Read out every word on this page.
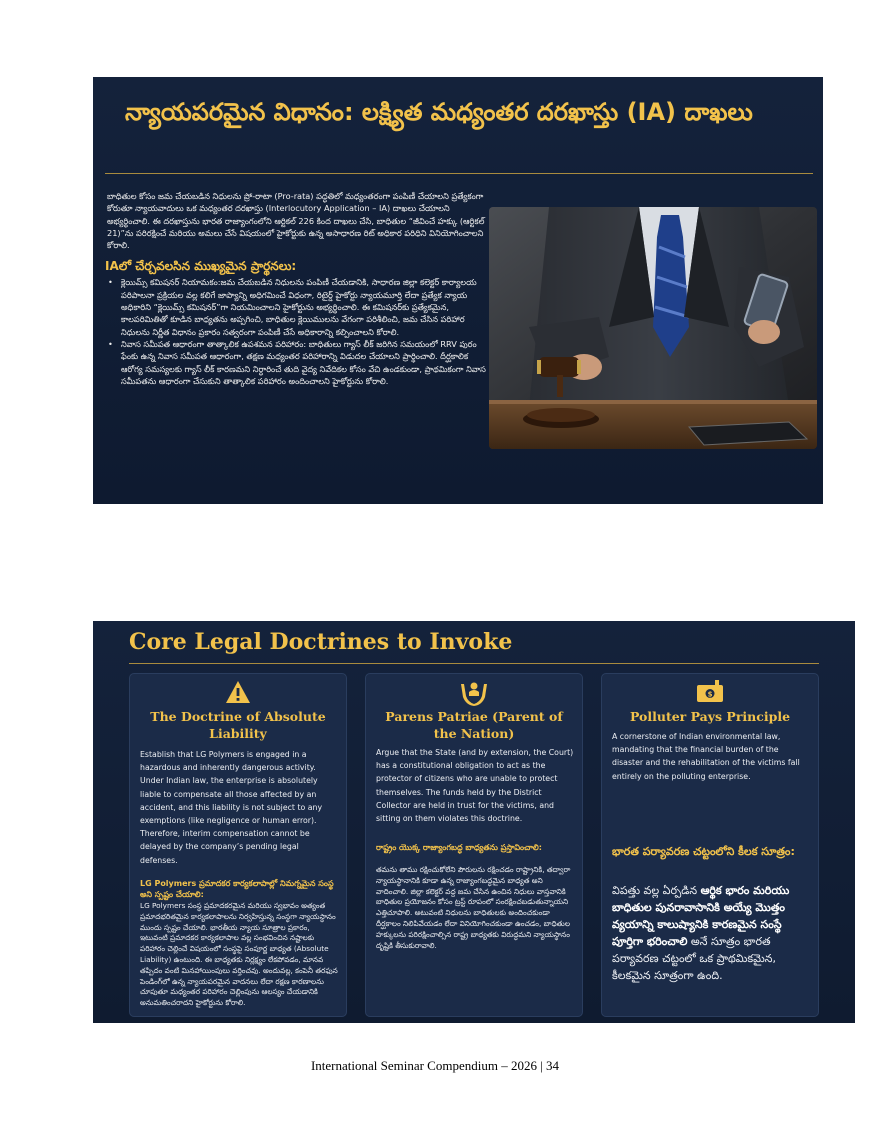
న్యాయపరమైన విధానం: లక్ష్యిత మధ్యంతర దరఖాస్తు (IA) దాఖలు

బాధితుల కోసం జమ చేయబడిన నిధులను ప్రో-రాటా (Pro-rata) పద్ధతిలో మధ్యంతరంగా పంపిణీ చేయాలని ప్రత్యేకంగా కోరుతూ న్యాయవాదులు ఒక మధ్యంతర దరఖాస్తు (Interlocutory Application – IA) దాఖలు చేయాలని అభ్యర్థించాలి. ఈ దరఖాస్తును భారత రాజ్యాంగంలోని ఆర్టికల్ 226 కింద దాఖలు చేసి, బాధితుల “జీవించే హక్కు (ఆర్టికల్ 21)”ను పరిరక్షించే మరియు అమలు చేసే విషయంలో హైకోర్టుకు ఉన్న అసాధారణ రిట్ అధికార పరిధిని వినియోగించాలని కోరాలి.

IAలో చేర్చవలసిన ముఖ్యమైన ప్రార్థనలు:

• క్లెయిమ్స్ కమిషనర్ నియామకం:జమ చేయబడిన నిధులను పంపిణీ చేయడానికి, సాధారణ జిల్లా కలెక్టర్ కార్యాలయ పరిపాలనా ప్రక్రియల వల్ల కలిగే జాప్యాన్ని అధిగమించే విధంగా, రిటైర్డ్ హైకోర్టు న్యాయమూర్తి లేదా ప్రత్యేక న్యాయ అధికారిని “క్లెయిమ్స్ కమిషనర్”గా నియమించాలని హైకోర్టును అభ్యర్థించాలి. ఈ కమిషనర్‌కు ప్రత్యేకమైన, కాలపరిమితితో కూడిన బాధ్యతను అప్పగించి, బాధితుల క్లెయిములను వేగంగా పరిశీలించి, జమ చేసిన పరిహార నిధులను నిర్ణీత విధానం ప్రకారం సత్వరంగా పంపిణీ చేసే అధికారాన్ని కల్పించాలని కోరాలి.
• నివాస సమీపత ఆధారంగా తాత్కాలిక ఉపశమన పరిహారం: బాధితులు గ్యాస్ లీక్ జరిగిన సమయంలో RRV పురం ఫేంకు ఉన్న నివాస సమీపత ఆధారంగా, తక్షణ మధ్యంతర పరిహారాన్ని విడుదల చేయాలని ప్రార్థించాలి. దీర్ఘకాలిక ఆరోగ్య సమస్యలకు గ్యాస్ లీక్ కారణమని నిర్ధారించే తుది వైద్య నివేదికల కోసం వేచి ఉండకుండా, ప్రాథమికంగా నివాస సమీపతను ఆధారంగా చేసుకుని తాత్కాలిక పరిహారం అందించాలని హైకోర్టును కోరాలి.
Core Legal Doctrines to Invoke
The Doctrine of Absolute Liability
Establish that LG Polymers is engaged in a hazardous and inherently dangerous activity. Under Indian law, the enterprise is absolutely liable to compensate all those affected by an accident, and this liability is not subject to any exemptions (like negligence or human error). Therefore, interim compensation cannot be delayed by the company’s pending legal defenses.
LG Polymers ప్రమాదకర కార్యకలాపాల్లో నిమగ్నమైన సంస్థ అని స్పష్టం చేయాలి:
LG Polymers సంస్థ ప్రమాదకరమైన మరియు స్వభావం అత్యంత ప్రమాదభరితమైన కార్యకలాపాలను నిర్వహిస్తున్న సంస్థగా న్యాయస్థానం ముందు స్పష్టం చేయాలి. భారతీయ న్యాయ సూత్రాల ప్రకారం, ఇటువంటి ప్రమాదకర కార్యకలాపాల వల్ల సంభవించిన నష్టాలకు పరిహారం చెల్లించే విషయంలో సంస్థపై సంపూర్ణ బాధ్యత (Absolute Liability) ఉంటుంది. ఈ బాధ్యతకు నిర్లక్ష్యం లేకపోవడం, మానవ తప్పిదం వంటి మినహాయింపులు వర్తించవు. అందువల్ల, కంపెనీ తరఫున పెండింగ్‌లో ఉన్న న్యాయపరమైన వాదనలు లేదా రక్షణ కారణాలను చూపుతూ మధ్యంతర పరిహారం చెల్లింపును ఆలస్యం చేయడానికి అనుమతించరాదని హైకోర్టును కోరాలి.
Parens Patriae (Parent of the Nation)
Argue that the State (and by extension, the Court) has a constitutional obligation to act as the protector of citizens who are unable to protect themselves. The funds held by the District Collector are held in trust for the victims, and sitting on them violates this doctrine.
రాష్ట్రం యొక్క రాజ్యాంగబద్ధ బాధ్యతను ప్రస్తావించాలి:
తమను తాము రక్షించుకోలేని పౌరులను రక్షించడం రాష్ట్రానికి, తద్వారా న్యాయస్థానానికి కూడా ఉన్న రాజ్యాంగబద్ధమైన బాధ్యత అని వాదించాలి. జిల్లా కలెక్టర్ వద్ద జమ చేసిన ఉంచిన నిధులు వాస్తవానికి బాధితుల ప్రయోజనం కోసం ట్రస్ట్ రూపంలో సంరక్షించబడుతున్నాయని ఎత్తిచూపాలి. అటువంటి నిధులను బాధితులకు అందించకుండా దీర్ఘకాలం నిలిపివేయడం లేదా వినియోగించకుండా ఉంచడం, బాధితుల హక్కులను పరిరక్షించాల్సిన రాష్ట్ర బాధ్యతకు విరుద్ధమని న్యాయస్థానం దృష్టికి తీసుకురావాలి.
$
Polluter Pays Principle
A cornerstone of Indian environmental law, mandating that the financial burden of the disaster and the rehabilitation of the victims fall entirely on the polluting enterprise.
భారత పర్యావరణ చట్టంలోని కీలక సూత్రం:
విపత్తు వల్ల ఏర్పడిన ఆర్థిక భారం మరియు బాధితుల పునరావాసానికి అయ్యే మొత్తం వ్యయాన్ని కాలుష్యానికి కారణమైన సంస్థే పూర్తిగా భరించాలి అనే సూత్రం భారత పర్యావరణ చట్టంలో ఒక ప్రాథమికమైన, కీలకమైన సూత్రంగా ఉంది.
International Seminar Compendium – 2026 | 34
